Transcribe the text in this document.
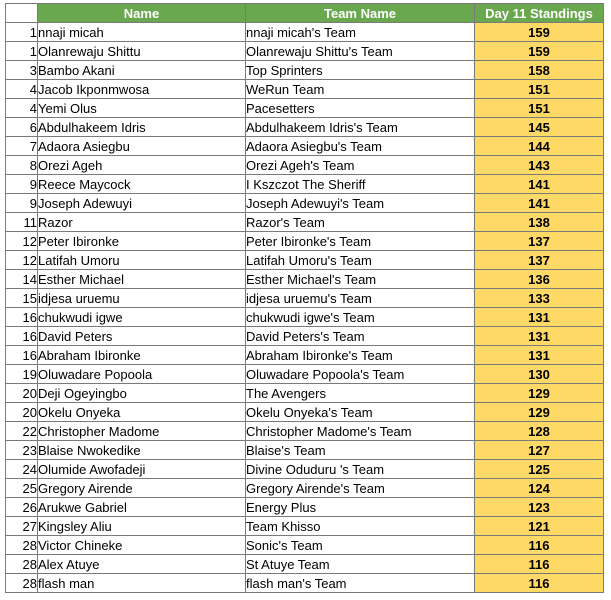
	Name	Team Name	Day 11 Standings
1	nnaji micah	nnaji micah's Team	159
1	Olanrewaju Shittu	Olanrewaju Shittu's Team	159
3	Bambo Akani	Top Sprinters	158
4	Jacob Ikponmwosa	WeRun Team	151
4	Yemi Olus	Pacesetters	151
6	Abdulhakeem Idris	Abdulhakeem Idris's Team	145
7	Adaora Asiegbu	Adaora Asiegbu's Team	144
8	Orezi Ageh	Orezi Ageh's Team	143
9	Reece Maycock	I Kszczot The Sheriff	141
9	Joseph Adewuyi	Joseph Adewuyi's Team	141
11	Razor	Razor's Team	138
12	Peter Ibironke	Peter Ibironke's Team	137
12	Latifah Umoru	Latifah Umoru's Team	137
14	Esther Michael	Esther Michael's Team	136
15	idjesa uruemu	idjesa uruemu's Team	133
16	chukwudi igwe	chukwudi igwe's Team	131
16	David Peters	David Peters's Team	131
16	Abraham Ibironke	Abraham Ibironke's Team	131
19	Oluwadare Popoola	Oluwadare Popoola's Team	130
20	Deji Ogeyingbo	The Avengers	129
20	Okelu Onyeka	Okelu Onyeka's Team	129
22	Christopher Madome	Christopher Madome's Team	128
23	Blaise Nwokedike	Blaise's Team	127
24	Olumide Awofadeji	Divine Oduduru 's Team	125
25	Gregory Airende	Gregory Airende's Team	124
26	Arukwe Gabriel	Energy Plus	123
27	Kingsley Aliu	Team Khisso	121
28	Victor Chineke	Sonic's Team	116
28	Alex Atuye	St Atuye Team	116
28	flash man	flash man's Team	116
